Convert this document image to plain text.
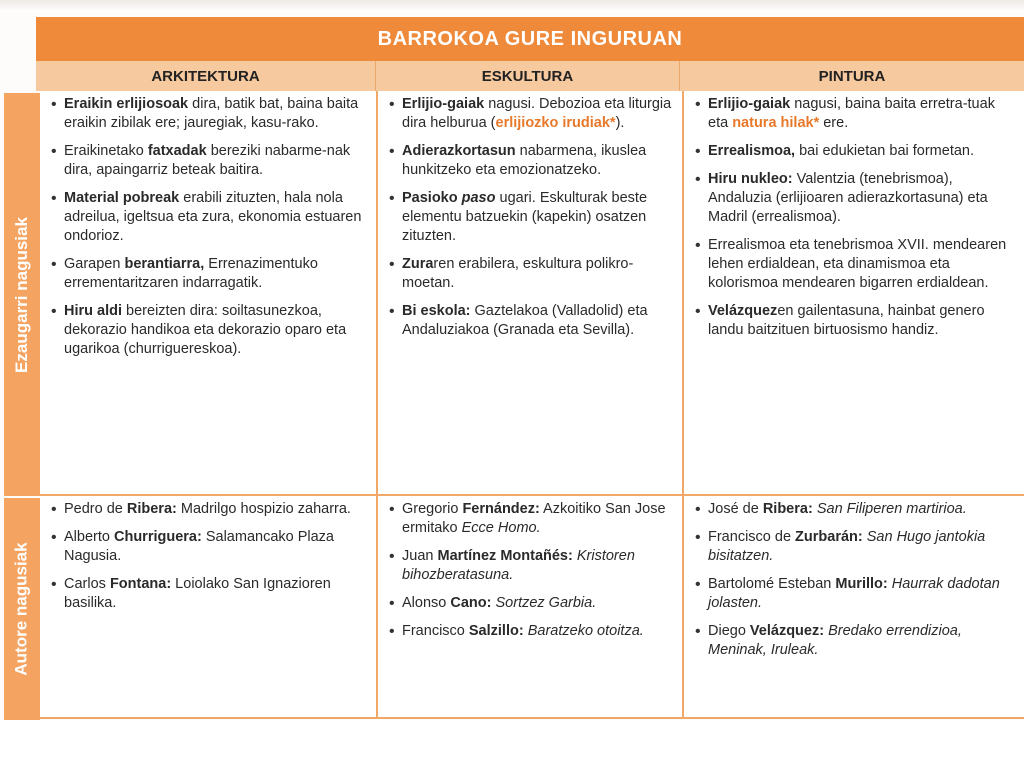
BARROKOA GURE INGURUAN
ARKITEKTURA	ESKULTURA	PINTURA
Ezaugarri nagusiak
Autore nagusiak
• Eraikin erlijiosoak dira, batik bat, baina baita eraikin zibilak ere; jauregiak, kasu-rako.
• Eraikinetako fatxadak bereziki nabarme-nak dira, apaingarriz beteak baitira.
• Material pobreak erabili zituzten, hala nola adreilua, igeltsua eta zura, ekonomia estuaren ondorioz.
• Garapen berantiarra, Errenazimentuko errementaritzaren indarragatik.
• Hiru aldi bereizten dira: soiltasunezkoa, dekorazio handikoa eta dekorazio oparo eta ugarikoa (churriguereskoa).
• Erlijio-gaiak nagusi. Debozioa eta liturgia dira helburua (erlijiozko irudiak*).
• Adierazkortasun nabarmena, ikuslea hunkitzeko eta emozionatzeko.
• Pasioko paso ugari. Eskulturak beste elementu batzuekin (kapekin) osatzen zituzten.
• Zuraren erabilera, eskultura polikro-moetan.
• Bi eskola: Gaztelakoa (Valladolid) eta Andaluziakoa (Granada eta Sevilla).
• Erlijio-gaiak nagusi, baina baita erretra-tuak eta natura hilak* ere.
• Errealismoa, bai edukietan bai formetan.
• Hiru nukleo: Valentzia (tenebrismoa), Andaluzia (erlijioaren adierazkortasuna) eta Madril (errealismoa).
• Errealismoa eta tenebrismoa XVII. mendearen lehen erdialdean, eta dinamismoa eta kolorismoa mendearen bigarren erdialdean.
• Velázquezen gailentasuna, hainbat genero landu baitzituen birtuosismo handiz.
• Pedro de Ribera: Madrilgo hospizio zaharra.
• Alberto Churriguera: Salamancako Plaza Nagusia.
• Carlos Fontana: Loiolako San Ignazioren basilika.
• Gregorio Fernández: Azkoitiko San Jose ermitako Ecce Homo.
• Juan Martínez Montañés: Kristoren bihozberatasuna.
• Alonso Cano: Sortzez Garbia.
• Francisco Salzillo: Baratzeko otoitza.
• José de Ribera: San Filiperen martirioa.
• Francisco de Zurbarán: San Hugo jantokia bisitatzen.
• Bartolomé Esteban Murillo: Haurrak dadotan jolasten.
• Diego Velázquez: Bredako errendizioa, Meninak, Iruleak.
